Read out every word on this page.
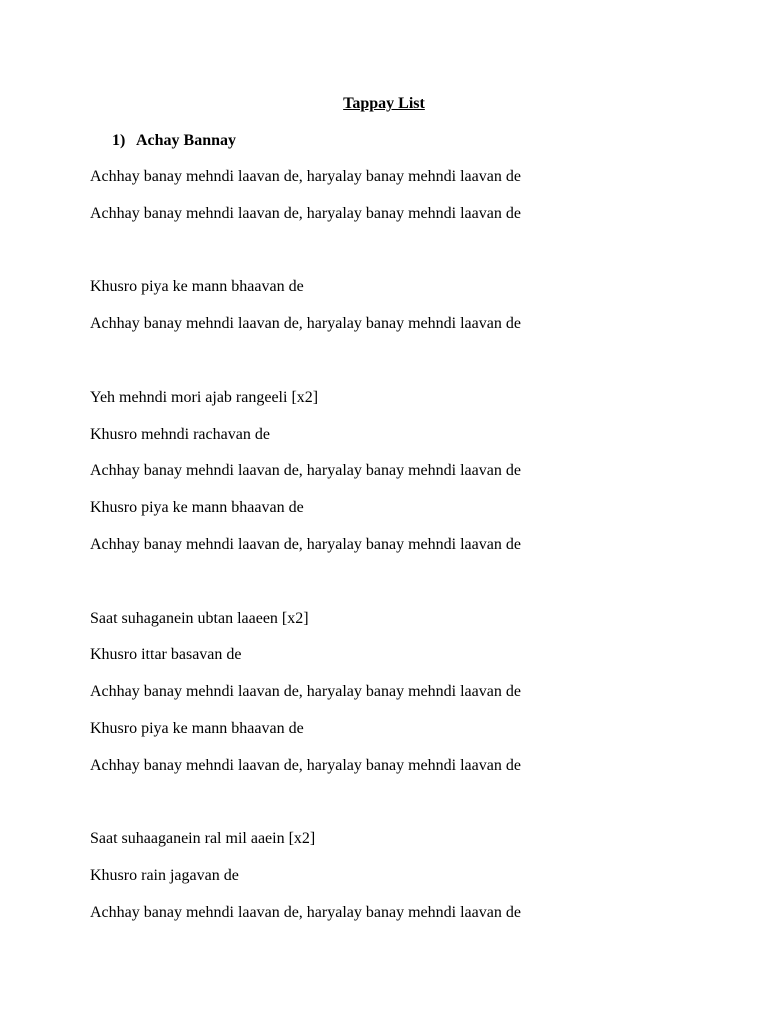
Tappay List
1) Achay Bannay
Achhay banay mehndi laavan de, haryalay banay mehndi laavan de
Achhay banay mehndi laavan de, haryalay banay mehndi laavan de
Khusro piya ke mann bhaavan de
Achhay banay mehndi laavan de, haryalay banay mehndi laavan de
Yeh mehndi mori ajab rangeeli [x2]
Khusro mehndi rachavan de
Achhay banay mehndi laavan de, haryalay banay mehndi laavan de
Khusro piya ke mann bhaavan de
Achhay banay mehndi laavan de, haryalay banay mehndi laavan de
Saat suhaganein ubtan laaeen [x2]
Khusro ittar basavan de
Achhay banay mehndi laavan de, haryalay banay mehndi laavan de
Khusro piya ke mann bhaavan de
Achhay banay mehndi laavan de, haryalay banay mehndi laavan de
Saat suhaaganein ral mil aaein [x2]
Khusro rain jagavan de
Achhay banay mehndi laavan de, haryalay banay mehndi laavan de
